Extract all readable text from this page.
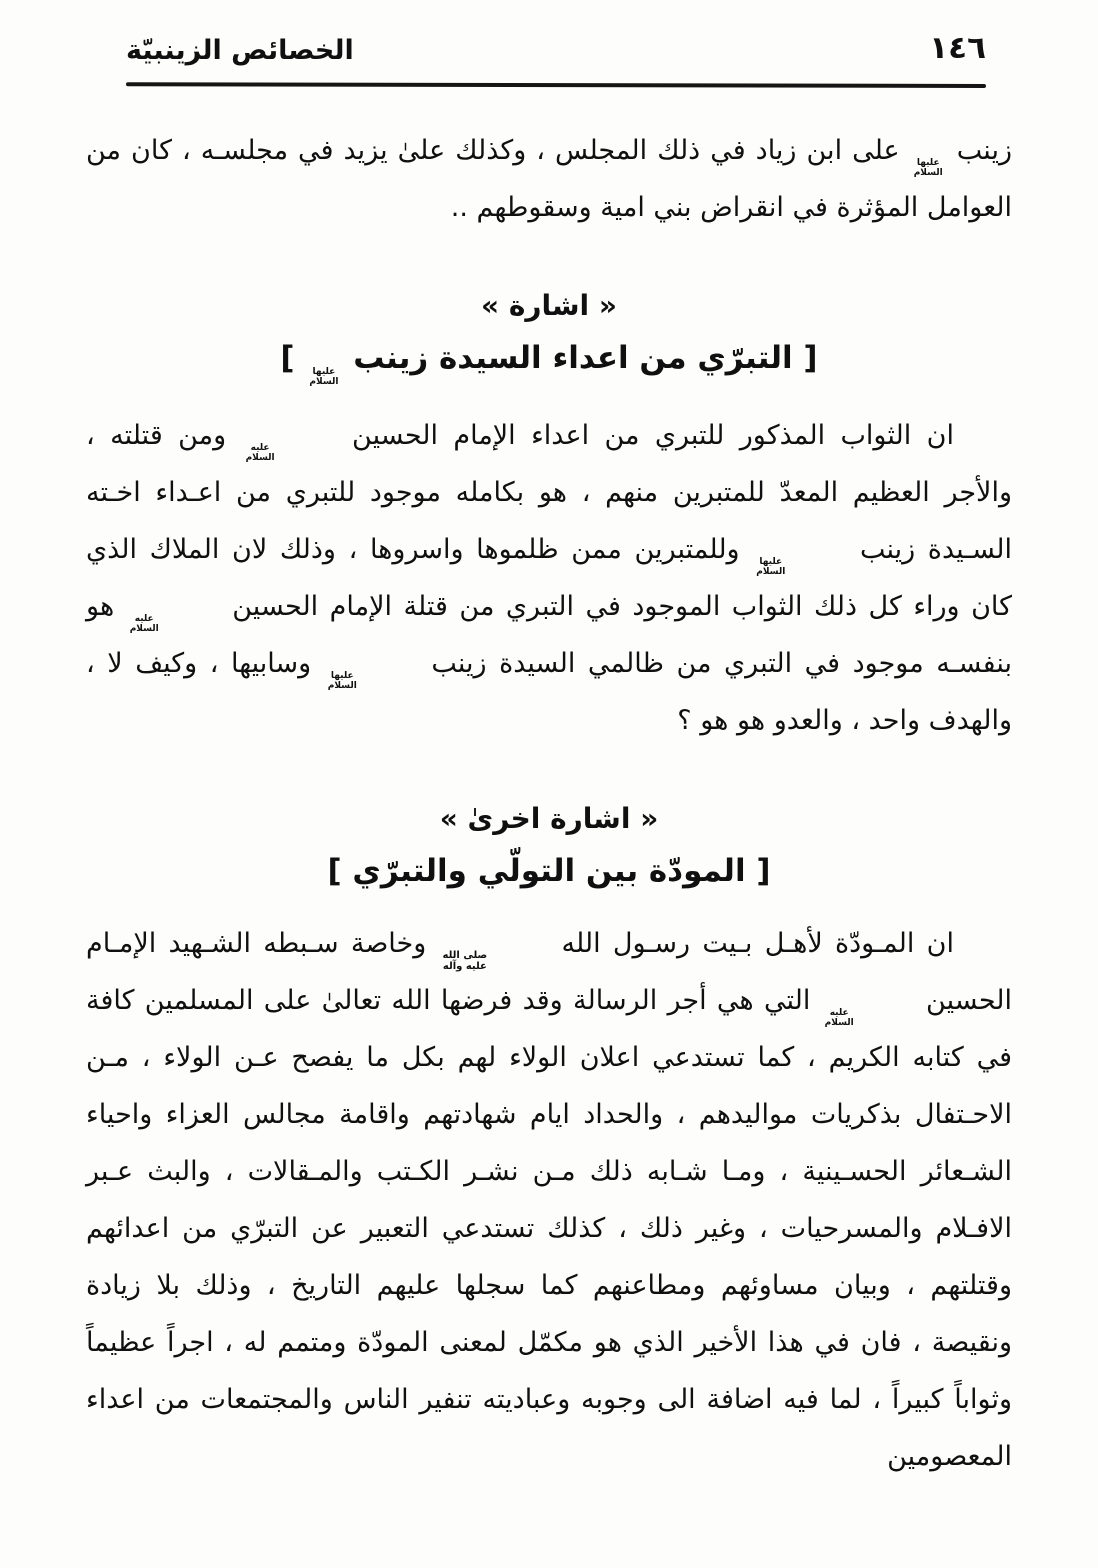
١٤٦
الخصائص الزينبيّة

زينب
عليها
السلام
على ابن زياد في ذلك المجلس ، وكذلك علىٰ يزيد في مجلسـه ، كان من العوامل المؤثرة في انقراض بني امية وسقوطهم ..

« اشارة »
[ التبرّي من اعداء السيدة زينب
عليها
السلام
]

ان الثواب المذكور للتبري من اعداء الإمام الحسين
عليه
السلام
ومن قتلته ، والأجر العظيم المعدّ للمتبرين منهم ، هو بكامله موجود للتبري من اعـداء اخـته السـيدة زينب
عليها
السلام
وللمتبرين ممن ظلموها واسروها ، وذلك لان الملاك الذي كان وراء كل ذلك الثواب الموجود في التبري من قتلة الإمام الحسين
عليه
السلام
هو بنفسـه موجود في التبري من ظالمي السيدة زينب
عليها
السلام
وسابيها ، وكيف لا ، والهدف واحد ، والعدو هو هو ؟

« اشارة اخرىٰ »
[ المودّة بين التولّي والتبرّي ]

ان المـودّة لأهـل بـيت رسـول الله
صلى الله
عليه وآله
وخاصة سـبطه الشـهيد الإمـام الحسين
عليه
السلام
التي هي أجر الرسالة وقد فرضها الله تعالىٰ على المسلمين كافة في كتابه الكريم ، كما تستدعي اعلان الولاء لهم بكل ما يفصح عـن الولاء ، مـن الاحـتفال بذكريات مواليدهم ، والحداد ايام شهادتهم واقامة مجالس العزاء واحياء الشـعائر الحسـينية ، ومـا شـابه ذلك مـن نشـر الكـتب والمـقالات ، والبث عـبر الافـلام والمسرحيات ، وغير ذلك ، كذلك تستدعي التعبير عن التبرّي من اعدائهم وقتلتهم ، وبيان مساوئهم ومطاعنهم كما سجلها عليهم التاريخ ، وذلك بلا زيادة ونقيصة ، فان في هذا الأخير الذي هو مكمّل لمعنى المودّة ومتمم له ، اجراً عظيماً وثواباً كبيراً ، لما فيه اضافة الى وجوبه وعباديته تنفير الناس والمجتمعات من اعداء المعصومين
